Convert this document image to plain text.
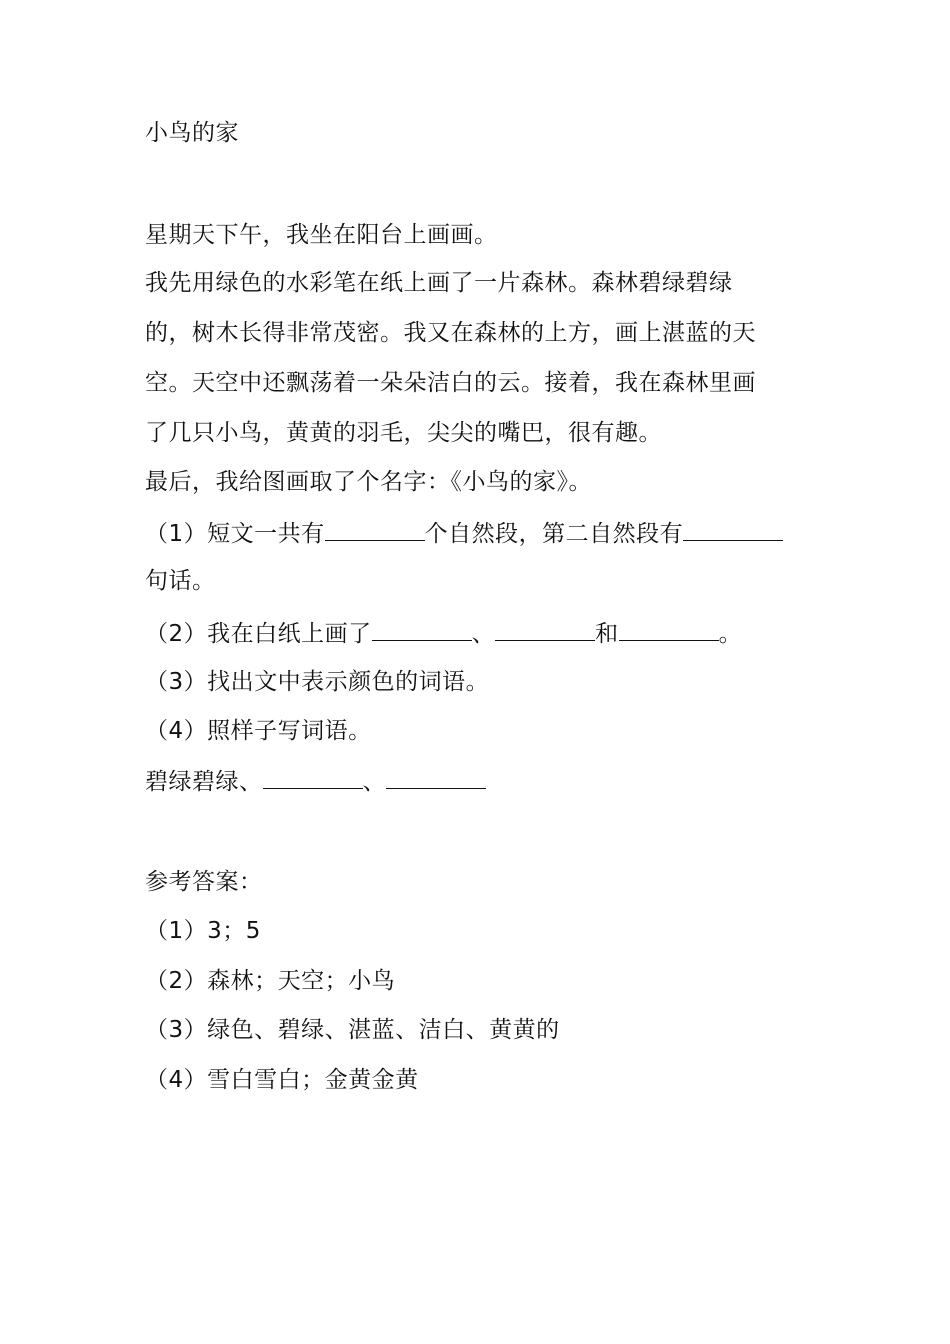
小鸟的家
星期天下午，我坐在阳台上画画。
我先用绿色的水彩笔在纸上画了一片森林。森林碧绿碧绿
的，树木长得非常茂密。我又在森林的上方，画上湛蓝的天
空。天空中还飘荡着一朵朵洁白的云。接着，我在森林里画
了几只小鸟，黄黄的羽毛，尖尖的嘴巴，很有趣。
最后，我给图画取了个名字：《小鸟的家》。
（1）短文一共有	个自然段，第二自然段有
句话。
（2）我在白纸上画了	、	和	。
（3）找出文中表示颜色的词语。
（4）照样子写词语。
碧绿碧绿、	、
参考答案：
（1）3；5
（2）森林；天空；小鸟
（3）绿色、碧绿、湛蓝、洁白、黄黄的
（4）雪白雪白；金黄金黄
